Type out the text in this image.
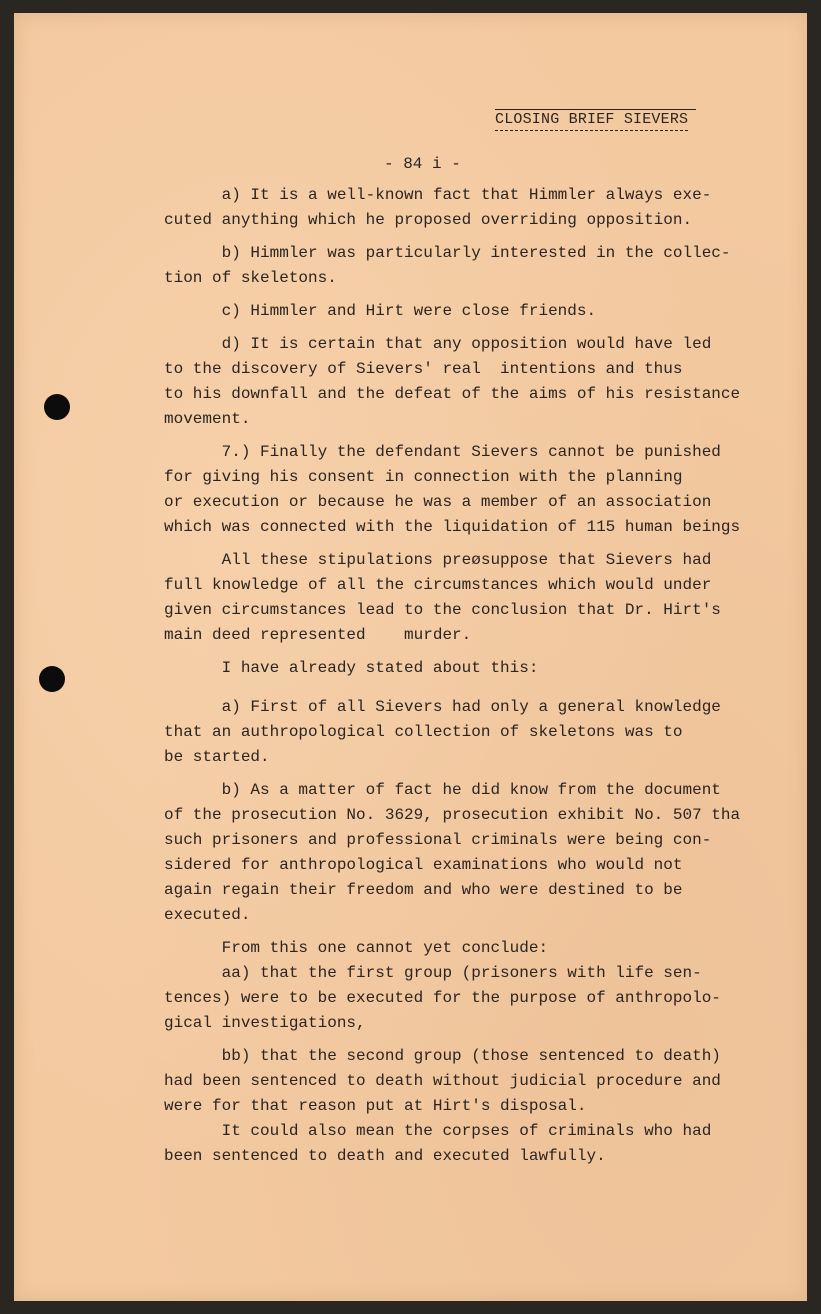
CLOSING BRIEF SIEVERS
- 84 i -
a) It is a well-known fact that Himmler always exe-
cuted anything which he proposed overriding opposition.
b) Himmler was particularly interested in the collec-
tion of skeletons.
c) Himmler and Hirt were close friends.
d) It is certain that any opposition would have led
to the discovery of Sievers' real  intentions and thus
to his downfall and the defeat of the aims of his resistance
movement.
7.) Finally the defendant Sievers cannot be punished
for giving his consent in connection with the planning
or execution or because he was a member of an association
which was connected with the liquidation of 115 human beings
All these stipulations preøsuppose that Sievers had
full knowledge of all the circumstances which would under
given circumstances lead to the conclusion that Dr. Hirt's
main deed represented    murder.
I have already stated about this:
a) First of all Sievers had only a general knowledge
that an authropological collection of skeletons was to
be started.
b) As a matter of fact he did know from the document
of the prosecution No. 3629, prosecution exhibit No. 507 tha
such prisoners and professional criminals were being con-
sidered for anthropological examinations who would not
again regain their freedom and who were destined to be
executed.
From this one cannot yet conclude:
aa) that the first group (prisoners with life sen-
tences) were to be executed for the purpose of anthropolo-
gical investigations,
bb) that the second group (those sentenced to death)
had been sentenced to death without judicial procedure and
were for that reason put at Hirt's disposal.
It could also mean the corpses of criminals who had
been sentenced to death and executed lawfully.
